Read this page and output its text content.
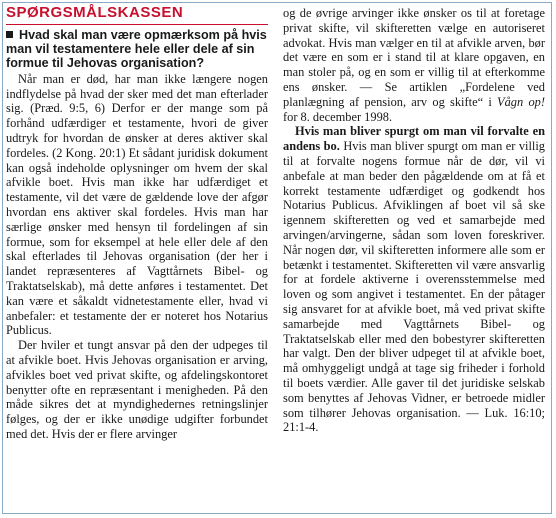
SPØRGSMÅLSKASSEN
Hvad skal man være opmærksom på hvis man vil testamentere hele eller dele af sin formue til Jehovas organisation?

Når man er død, har man ikke længere nogen indflydelse på hvad der sker med det man efterlader sig. (Præd. 9:5, 6) Derfor er der mange som på forhånd udfærdiger et testamente, hvori de giver udtryk for hvordan de ønsker at deres aktiver skal fordeles. (2 Kong. 20:1) Et sådant juridisk dokument kan også indeholde oplysninger om hvem der skal afvikle boet. Hvis man ikke har udfærdiget et testamente, vil det være de gældende love der afgør hvordan ens aktiver skal fordeles. Hvis man har særlige ønsker med hensyn til fordelingen af sin formue, som for eksempel at hele eller dele af den skal efterlades til Jehovas organisation (der her i landet repræsenteres af Vagttårnets Bibel- og Traktatselskab), må dette anføres i testamentet. Det kan være et såkaldt vidnetestamente eller, hvad vi anbefaler: et testamente der er noteret hos Notarius Publicus.

Der hviler et tungt ansvar på den der udpeges til at afvikle boet. Hvis Jehovas organisation er arving, afvikles boet ved privat skifte, og afdelingskontoret benytter ofte en repræsentant i menigheden. På den måde sikres det at myndighedernes retningslinjer følges, og der er ikke unødige udgifter forbundet med det. Hvis der er flere arvinger

og de øvrige arvinger ikke ønsker os til at foretage privat skifte, vil skifteretten vælge en autoriseret advokat. Hvis man vælger en til at afvikle arven, bør det være en som er i stand til at klare opgaven, en man stoler på, og en som er villig til at efterkomme ens ønsker. — Se artiklen „Fordelene ved planlægning af pension, arv og skifte“ i Vågn op! for 8. december 1998.

Hvis man bliver spurgt om man vil forvalte en andens bo. Hvis man bliver spurgt om man er villig til at forvalte nogens formue når de dør, vil vi anbefale at man beder den pågældende om at få et korrekt testamente udfærdiget og godkendt hos Notarius Publicus. Afviklingen af boet vil så ske igennem skifteretten og ved et samarbejde med arvingen/arvingerne, sådan som loven foreskriver. Når nogen dør, vil skifteretten informere alle som er betænkt i testamentet. Skifteretten vil være ansvarlig for at fordele aktiverne i overensstemmelse med loven og som angivet i testamentet. En der påtager sig ansvaret for at afvikle boet, må ved privat skifte samarbejde med Vagttårnets Bibel- og Traktatselskab eller med den bobestyrer skifteretten har valgt. Den der bliver udpeget til at afvikle boet, må omhyggeligt undgå at tage sig friheder i forhold til boets værdier. Alle gaver til det juridiske selskab som benyttes af Jehovas Vidner, er betroede midler som tilhører Jehovas organisation. — Luk. 16:10; 21:1-4.
